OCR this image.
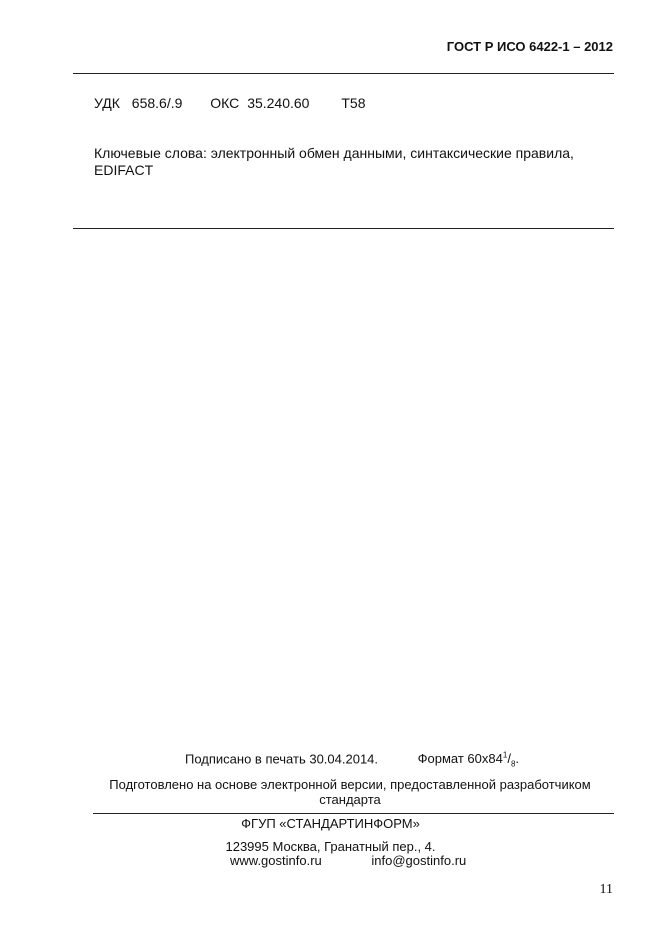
ГОСТ Р ИСО 6422-1 – 2012
УДК 658.6/.9 ОКС 35.240.60 Т58
Ключевые слова: электронный обмен данными, синтаксические правила, EDIFACT
Подписано в печать 30.04.2014.	Формат $60x84^1/_8$.
Подготовлено на основе электронной версии, предоставленной разработчиком стандарта
ФГУП «СТАНДАРТИНФОРМ»
123995 Москва, Гранатный пер., 4.
www.gostinfo.ru	info@gostinfo.ru
11
